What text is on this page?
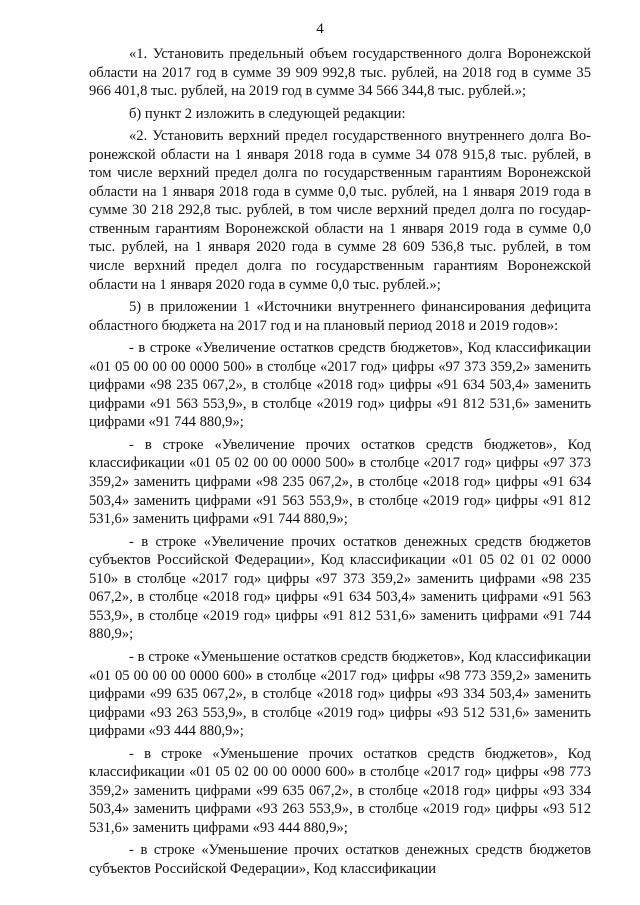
4

«1. Установить предельный объем государственного долга Воронежской области на 2017 год в сумме 39 909 992,8 тыс. рублей, на 2018 год в сумме 35 966 401,8 тыс. рублей, на 2019 год в сумме 34 566 344,8 тыс. рублей.»;

б) пункт 2 изложить в следующей редакции:

«2. Установить верхний предел государственного внутреннего долга Воронежской области на 1 января 2018 года в сумме 34 078 915,8 тыс. рублей, в том числе верхний предел долга по государственным гарантиям Воронежской области на 1 января 2018 года в сумме 0,0 тыс. рублей, на 1 января 2019 года в сумме 30 218 292,8 тыс. рублей, в том числе верхний предел долга по государственным гарантиям Воронежской области на 1 января 2019 года в сумме 0,0 тыс. рублей, на 1 января 2020 года в сумме 28 609 536,8 тыс. рублей, в том числе верхний предел долга по государственным гарантиям Воронежской области на 1 января 2020 года в сумме 0,0 тыс. рублей.»;

5) в приложении 1 «Источники внутреннего финансирования дефицита областного бюджета на 2017 год и на плановый период 2018 и 2019 годов»:

- в строке «Увеличение остатков средств бюджетов», Код классификации «01 05 00 00 00 0000 500» в столбце «2017 год» цифры «97 373 359,2» заменить цифрами «98 235 067,2», в столбце «2018 год» цифры «91 634 503,4» заменить цифрами «91 563 553,9», в столбце «2019 год» цифры «91 812 531,6» заменить цифрами «91 744 880,9»;

- в строке «Увеличение прочих остатков средств бюджетов», Код классификации «01 05 02 00 00 0000 500» в столбце «2017 год» цифры «97 373 359,2» заменить цифрами «98 235 067,2», в столбце «2018 год» цифры «91 634 503,4» заменить цифрами «91 563 553,9», в столбце «2019 год» цифры «91 812 531,6» заменить цифрами «91 744 880,9»;

- в строке «Увеличение прочих остатков денежных средств бюджетов субъектов Российской Федерации», Код классификации «01 05 02 01 02 0000 510» в столбце «2017 год» цифры «97 373 359,2» заменить цифрами «98 235 067,2», в столбце «2018 год» цифры «91 634 503,4» заменить цифрами «91 563 553,9», в столбце «2019 год» цифры «91 812 531,6» заменить цифрами «91 744 880,9»;

- в строке «Уменьшение остатков средств бюджетов», Код классификации «01 05 00 00 00 0000 600» в столбце «2017 год» цифры «98 773 359,2» заменить цифрами «99 635 067,2», в столбце «2018 год» цифры «93 334 503,4» заменить цифрами «93 263 553,9», в столбце «2019 год» цифры «93 512 531,6» заменить цифрами «93 444 880,9»;

- в строке «Уменьшение прочих остатков средств бюджетов», Код классификации «01 05 02 00 00 0000 600» в столбце «2017 год» цифры «98 773 359,2» заменить цифрами «99 635 067,2», в столбце «2018 год» цифры «93 334 503,4» заменить цифрами «93 263 553,9», в столбце «2019 год» цифры «93 512 531,6» заменить цифрами «93 444 880,9»;

- в строке «Уменьшение прочих остатков денежных средств бюджетов субъектов Российской Федерации», Код классификации
